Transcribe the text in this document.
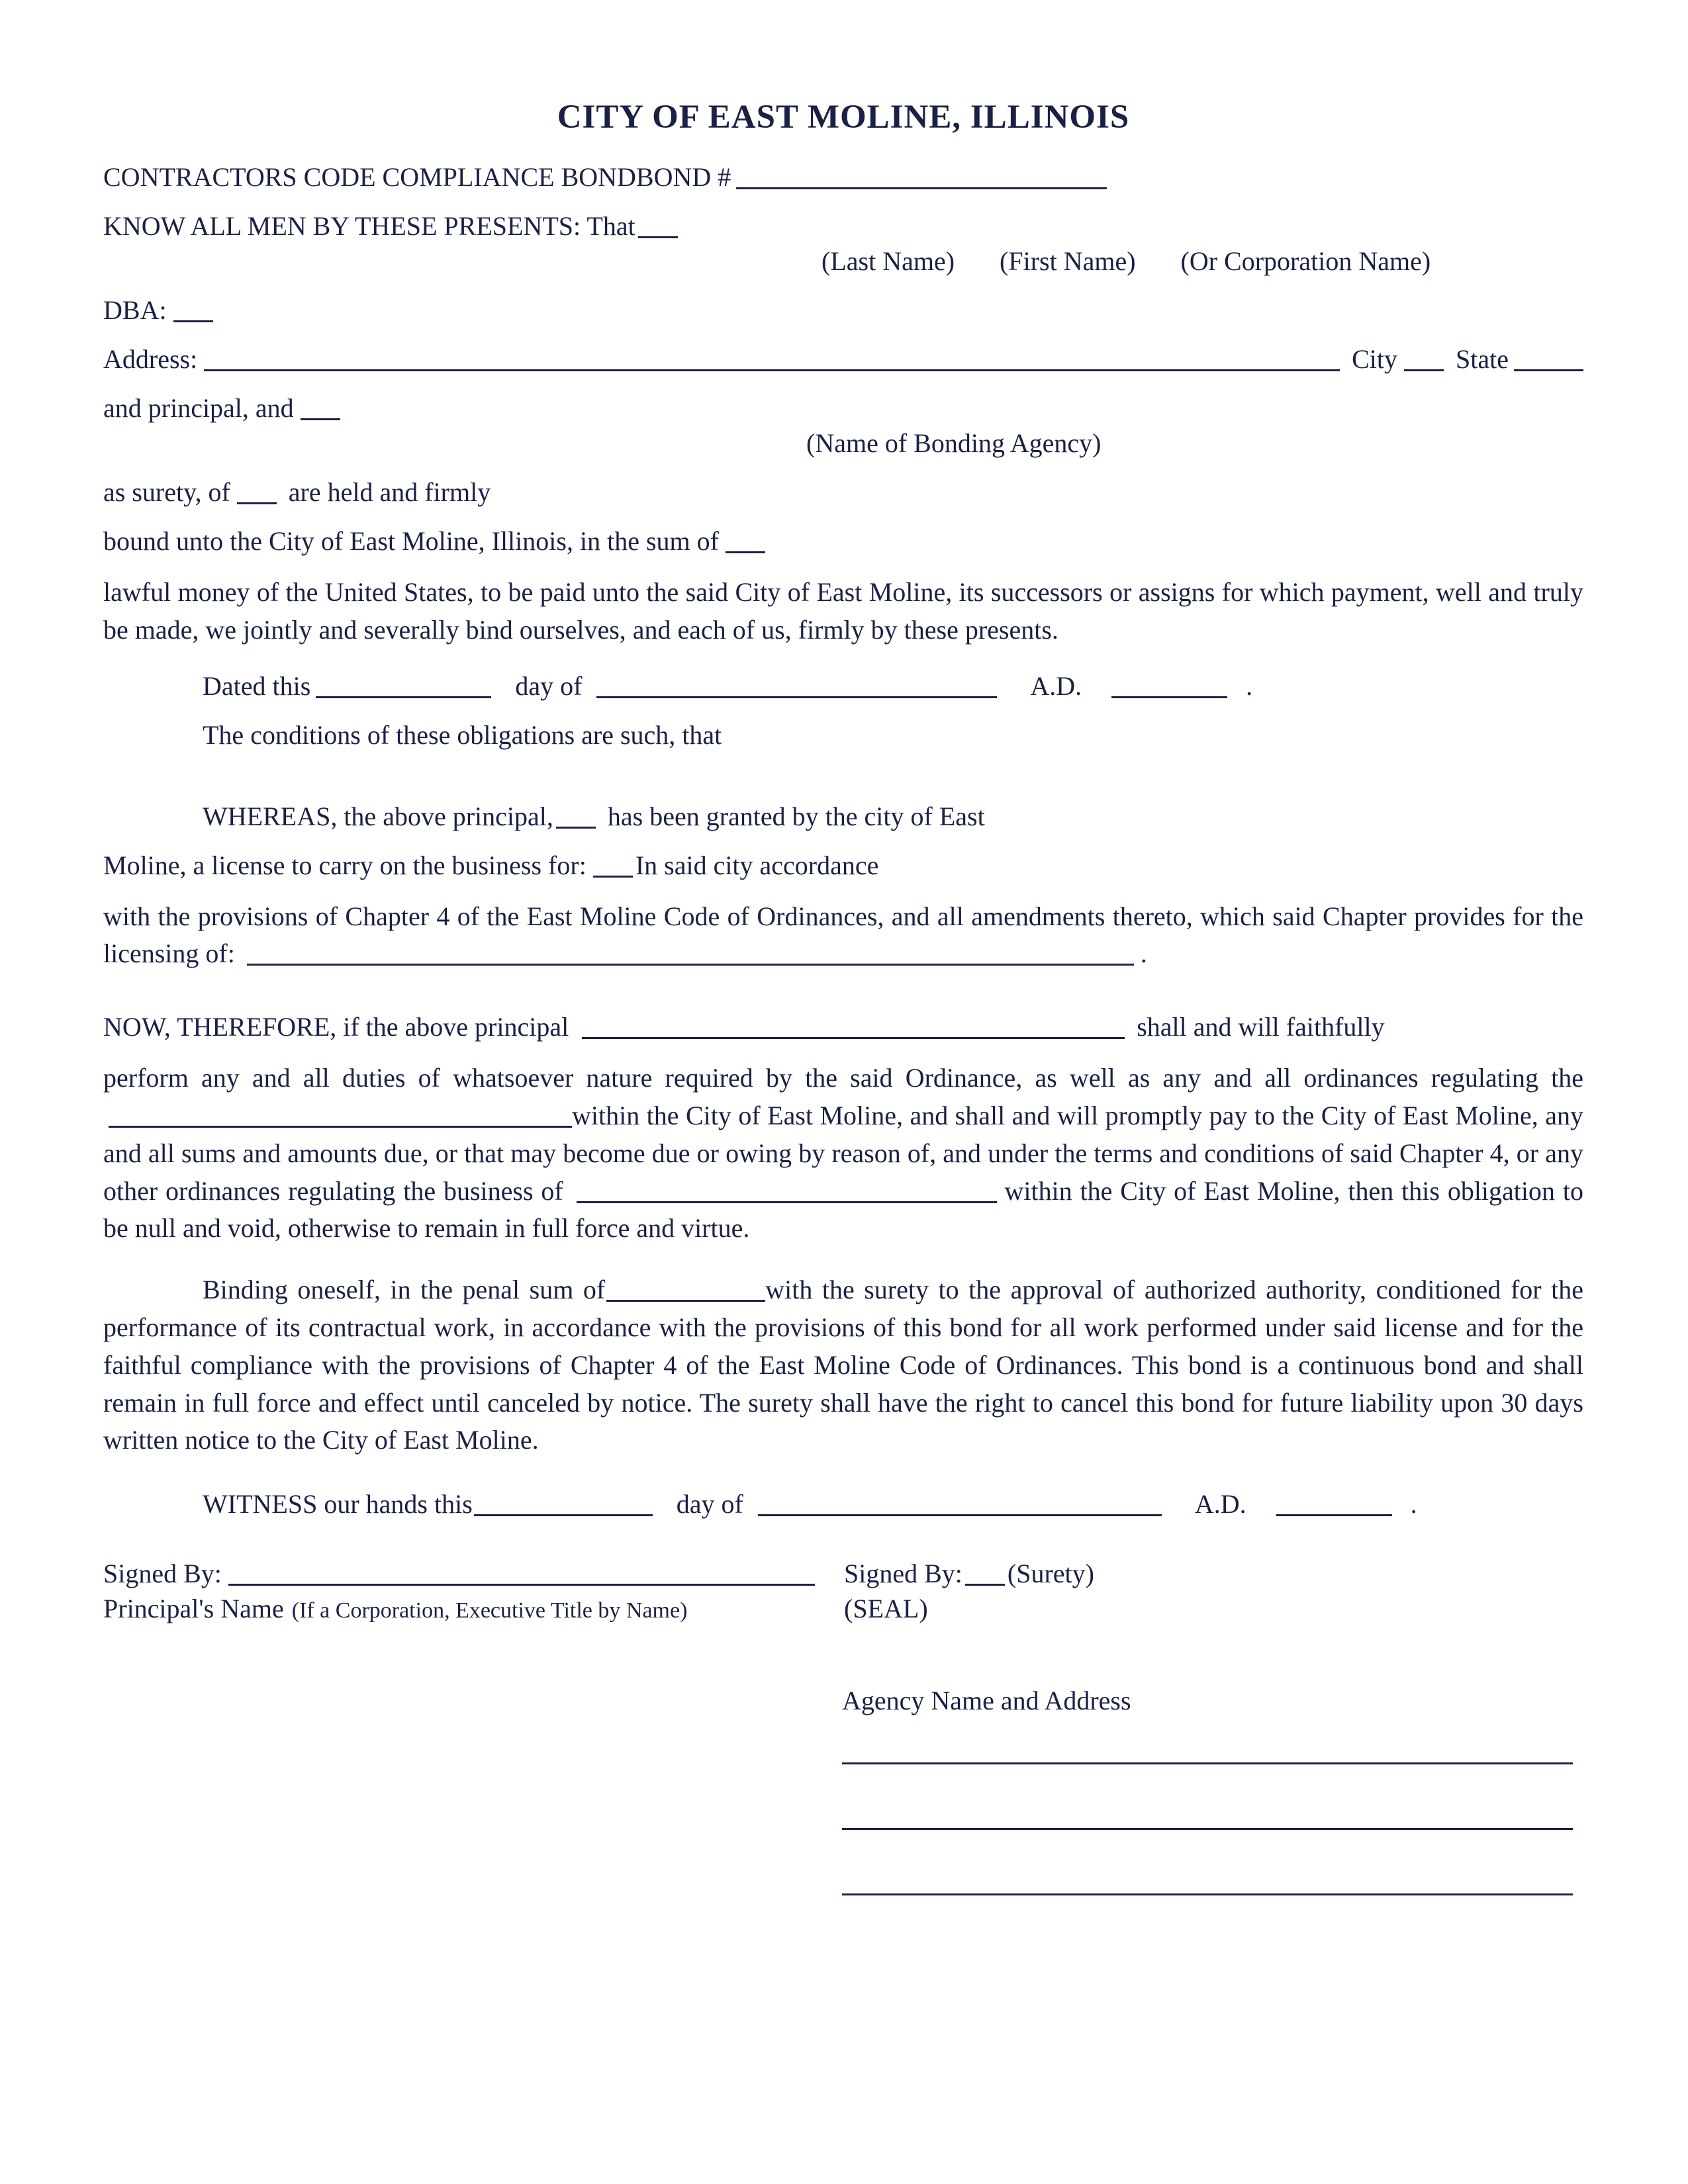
CITY OF EAST MOLINE, ILLINOIS
CONTRACTORS CODE COMPLIANCE BOND BOND #
KNOW ALL MEN BY THESE PRESENTS: That
(Last Name) (First Name) (Or Corporation Name)
DBA:
Address:	City State
and principal, and
(Name of Bonding Agency)
as surety, of are held and firmly
bound unto the City of East Moline, Illinois, in the sum of

lawful money of the United States, to be paid unto the said City of East Moline, its successors or assigns for which payment, well and truly be made, we jointly and severally bind ourselves, and each of us, firmly by these presents.

Dated this	day of	A.D.	.
The conditions of these obligations are such, that
WHEREAS, the above principal, has been granted by the city of East
Moline, a license to carry on the business for: In said city accordance

with the provisions of Chapter 4 of the East Moline Code of Ordinances, and all amendments thereto, which said Chapter provides for the licensing of:	.

NOW, THEREFORE, if the above principal	shall and will faithfully

perform any and all duties of whatsoever nature required by the said Ordinance, as well as any and all ordinances regulating the within the City of East Moline, and shall and will promptly pay to the City of East Moline, any and all sums and amounts due, or that may become due or owing by reason of, and under the terms and conditions of said Chapter 4, or any other ordinances regulating the business of	within the City of East Moline, then this obligation to be null and void, otherwise to remain in full force and virtue.

Binding oneself, in the penal sum of	with the surety to the approval of authorized authority, conditioned for the performance of its contractual work, in accordance with the provisions of this bond for all work performed under said license and for the faithful compliance with the provisions of Chapter 4 of the East Moline Code of Ordinances. This bond is a continuous bond and shall remain in full force and effect until canceled by notice. The surety shall have the right to cancel this bond for future liability upon 30 days written notice to the City of East Moline.

WITNESS our hands this	day of	A.D.	.
Signed By:	Signed By: (Surety)
Principal's Name (If a Corporation, Executive Title by Name)	(SEAL)
Agency Name and Address
